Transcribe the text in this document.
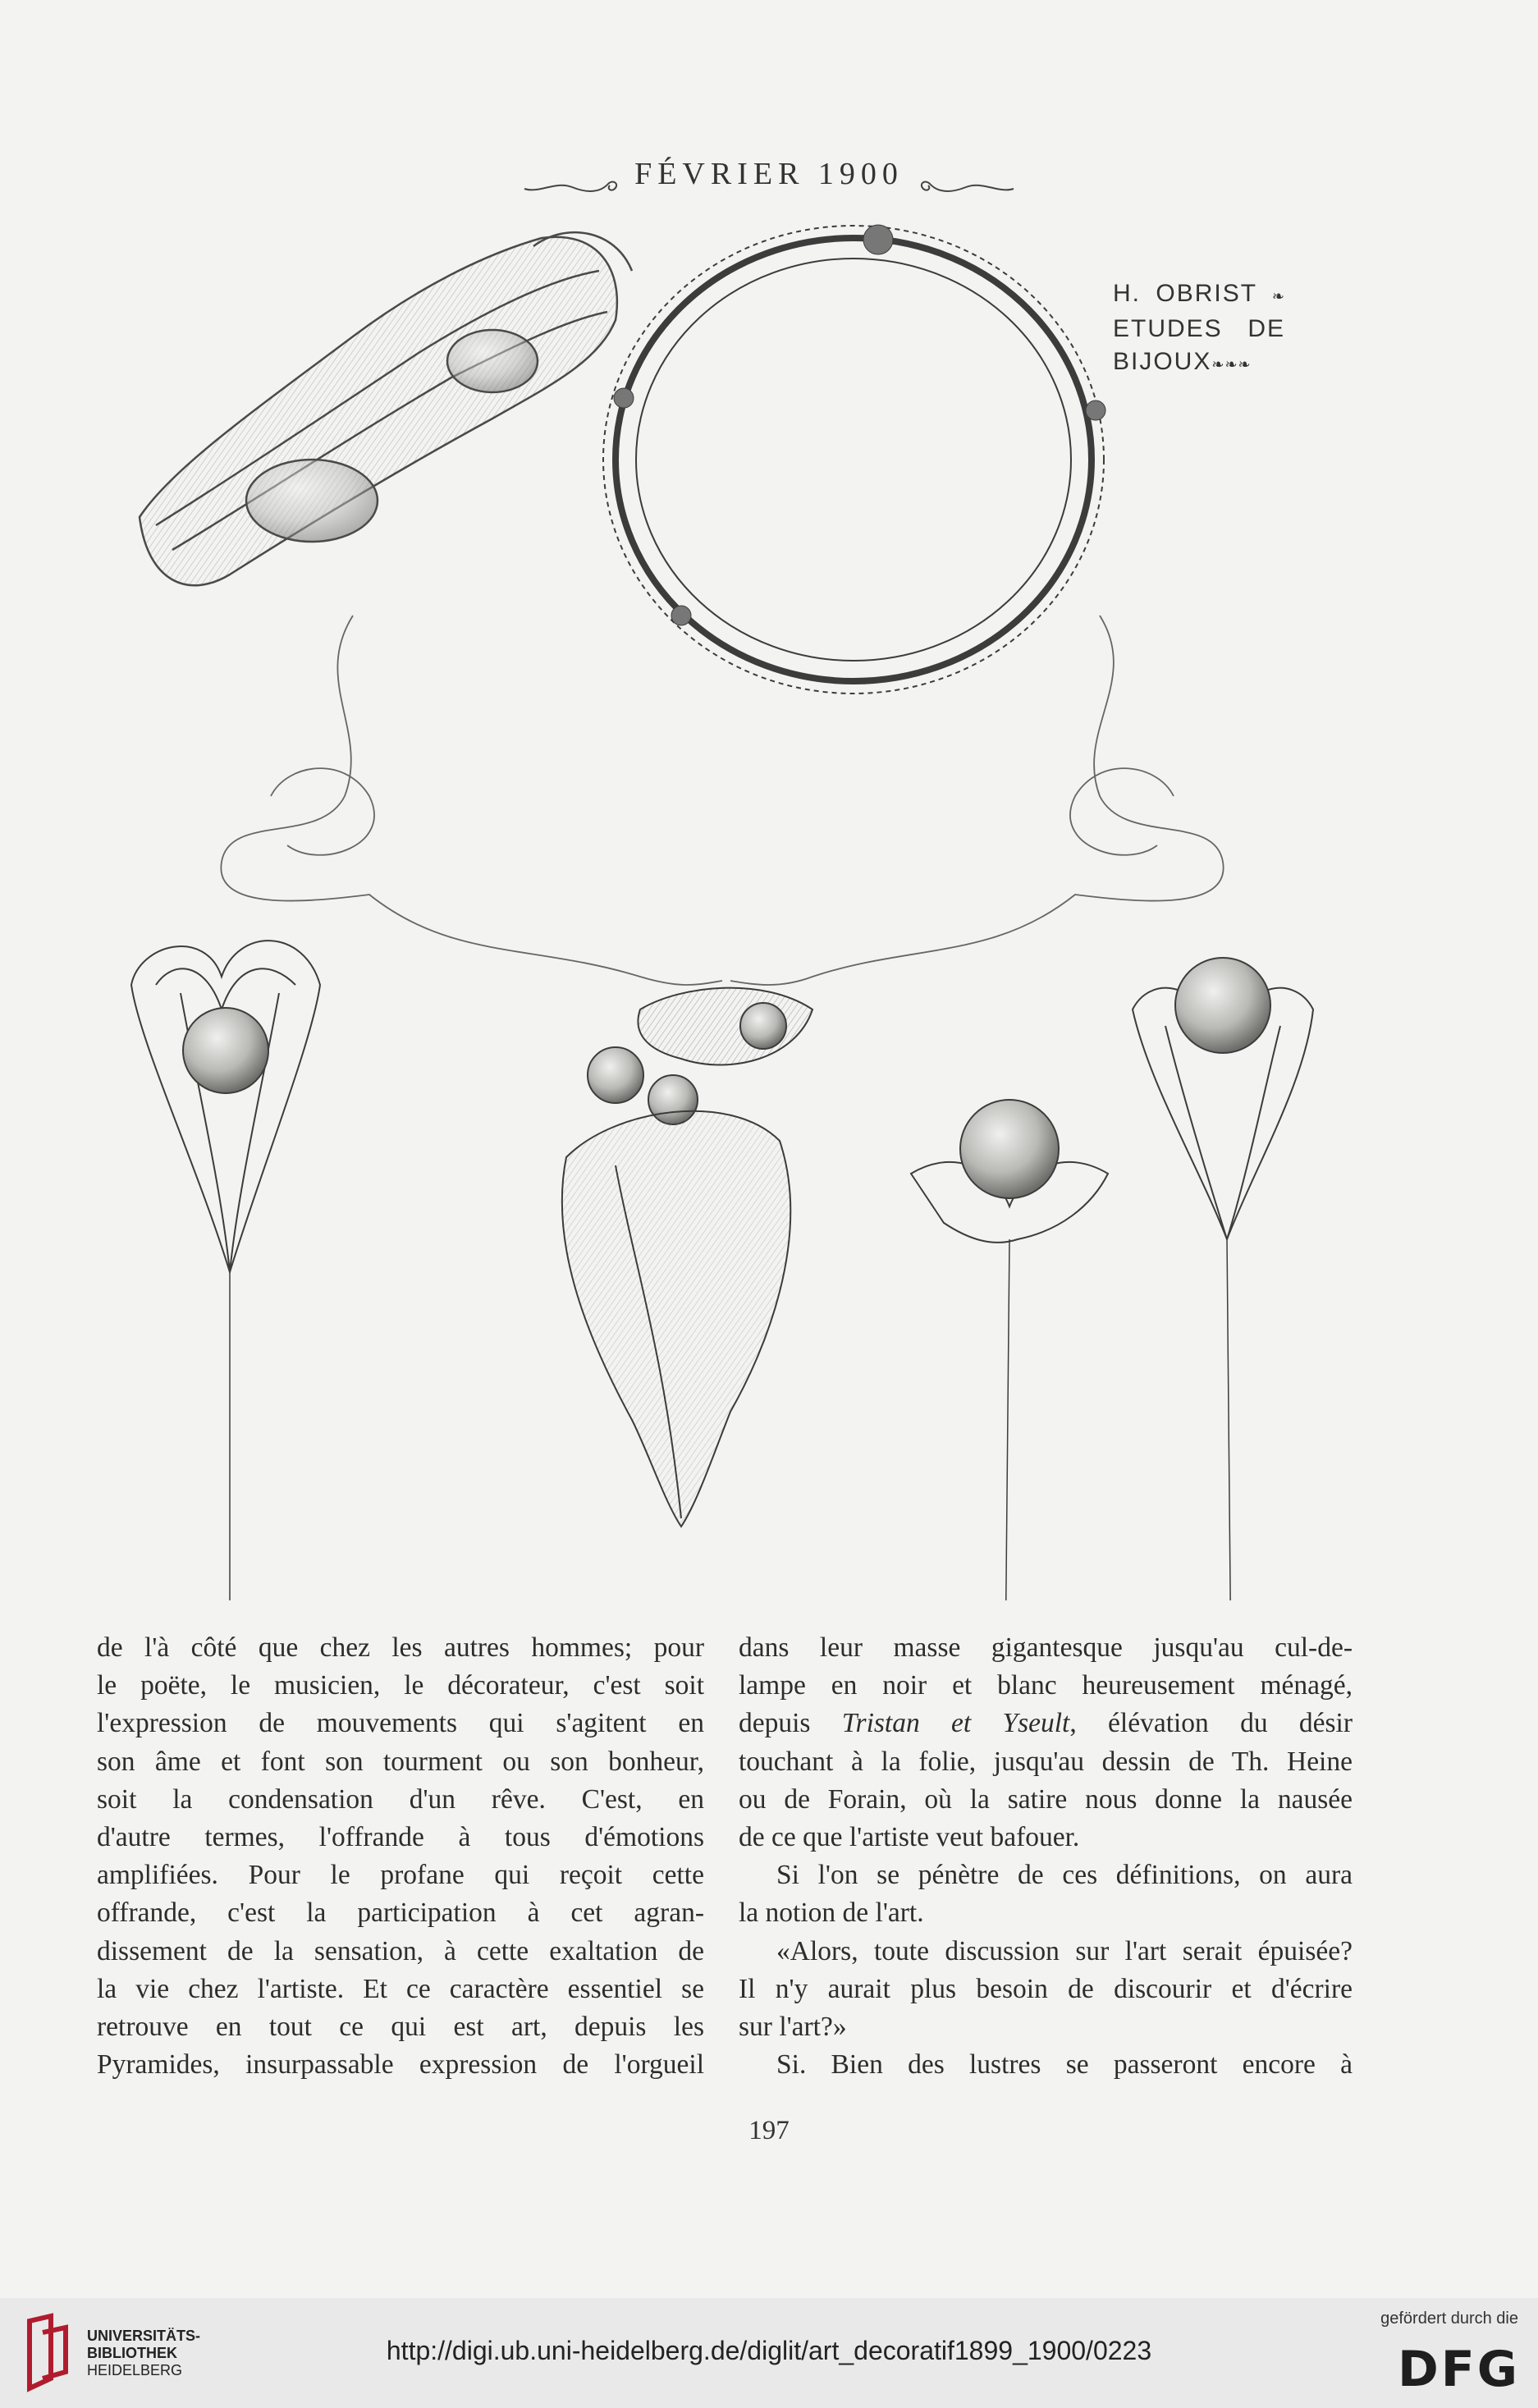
FÉVRIER 1900
H. OBRIST ❧
ETUDES DE
BIJOUX❧❧❧
de l'à côté que chez les autres hommes; pour
le poëte, le musicien, le décorateur, c'est soit
l'expression de mouvements qui s'agitent en
son âme et font son tourment ou son bonheur,
soit la condensation d'un rêve. C'est, en
d'autre termes, l'offrande à tous d'émotions
amplifiées. Pour le profane qui reçoit cette
offrande, c'est la participation à cet agran-
dissement de la sensation, à cette exaltation de
la vie chez l'artiste. Et ce caractère essentiel se
retrouve en tout ce qui est art, depuis les
Pyramides, insurpassable expression de l'orgueil
dans leur masse gigantesque jusqu'au cul-de-
lampe en noir et blanc heureusement ménagé,
depuis Tristan et Yseult, élévation du désir
touchant à la folie, jusqu'au dessin de Th. Heine
ou de Forain, où la satire nous donne la nausée
de ce que l'artiste veut bafouer.
Si l'on se pénètre de ces définitions, on aura
la notion de l'art.
«Alors, toute discussion sur l'art serait épuisée?
Il n'y aurait plus besoin de discourir et d'écrire
sur l'art?»
Si. Bien des lustres se passeront encore à
197
UNIVERSITÄTS-
BIBLIOTHEK
HEIDELBERG
http://digi.ub.uni-heidelberg.de/diglit/art_decoratif1899_1900/0223
gefördert durch die
DFG
